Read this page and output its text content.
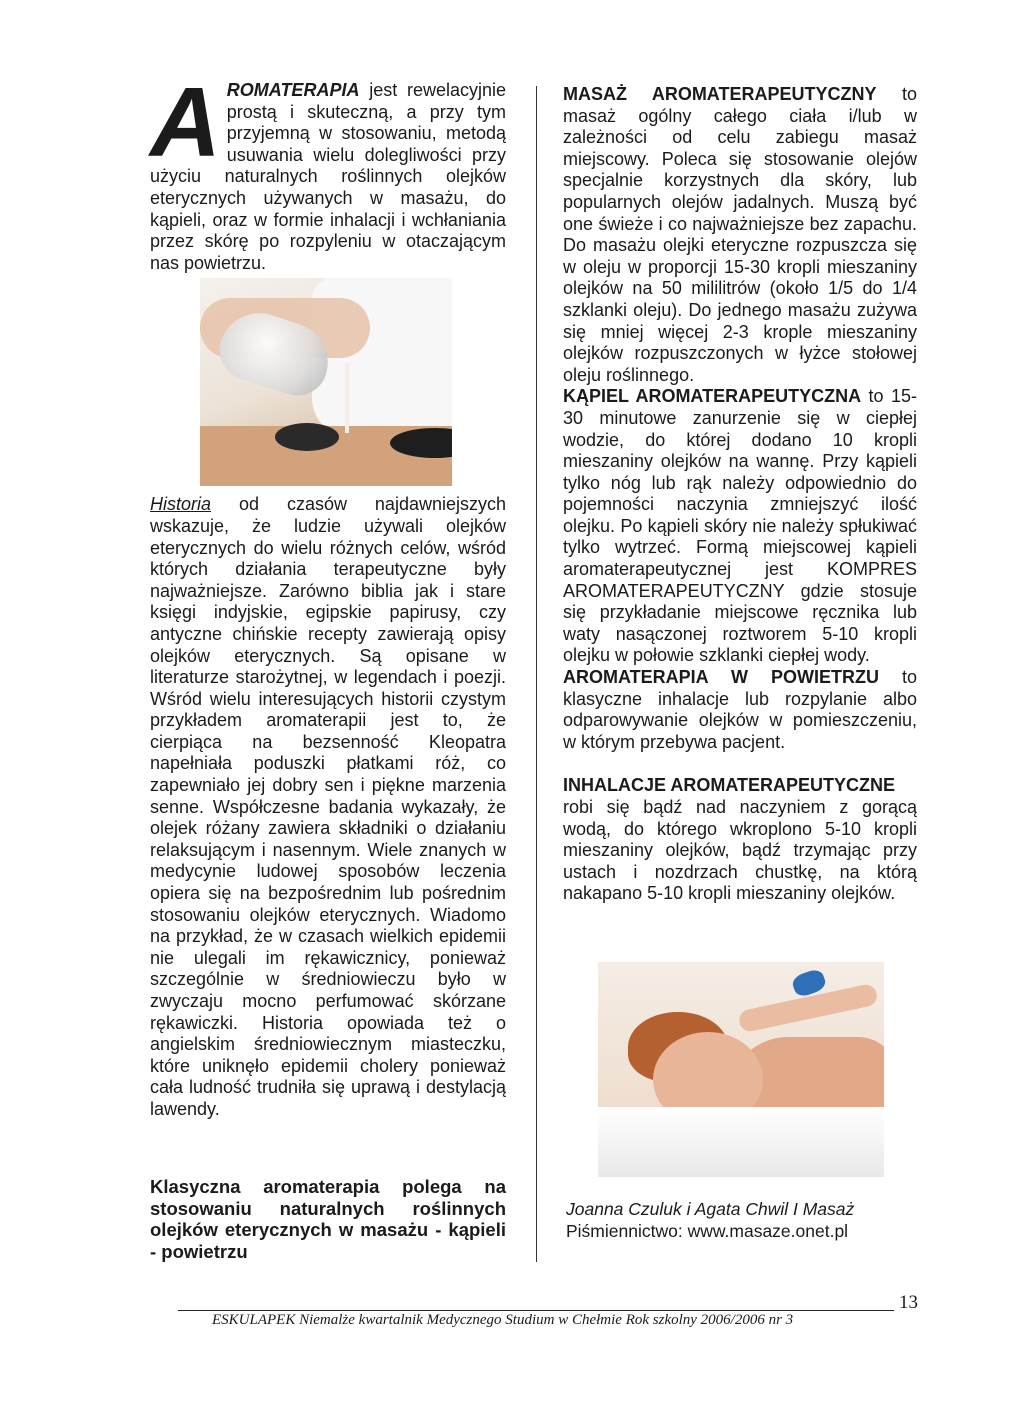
AROMATERAPIA jest rewelacyjnie prostą i skuteczną, a przy tym przyjemną w stosowaniu, metodą usuwania wielu dolegliwości przy użyciu naturalnych roślinnych olejków eterycznych używanych w masażu, do kąpieli, oraz w formie inhalacji i wchłaniania przez skórę po rozpyleniu w otaczającym nas powietrzu.

Historia od czasów najdawniejszych wskazuje, że ludzie używali olejków eterycznych do wielu różnych celów, wśród których działania terapeutyczne były najważniejsze. Zarówno biblia jak i stare księgi indyjskie, egipskie papirusy, czy antyczne chińskie recepty zawierają opisy olejków eterycznych. Są opisane w literaturze starożytnej, w legendach i poezji. Wśród wielu interesujących historii czystym przykładem aromaterapii jest to, że cierpiąca na bezsenność Kleopatra napełniała poduszki płatkami róż, co zapewniało jej dobry sen i piękne marzenia senne. Współczesne badania wykazały, że olejek różany zawiera składniki o działaniu relaksującym i nasennym. Wiele znanych w medycynie ludowej sposobów leczenia opiera się na bezpośrednim lub pośrednim stosowaniu olejków eterycznych. Wiadomo na przykład, że w czasach wielkich epidemii nie ulegali im rękawicznicy, ponieważ szczególnie w średniowieczu było w zwyczaju mocno perfumować skórzane rękawiczki. Historia opowiada też o angielskim średniowiecznym miasteczku, które uniknęło epidemii cholery ponieważ cała ludność trudniła się uprawą i destylacją lawendy.

Klasyczna aromaterapia polega na stosowaniu naturalnych roślinnych olejków eterycznych w masażu - kąpieli - powietrzu

MASAŻ AROMATERAPEUTYCZNY to masaż ogólny całego ciała i/lub w zależności od celu zabiegu masaż miejscowy. Poleca się stosowanie olejów specjalnie korzystnych dla skóry, lub popularnych olejów jadalnych. Muszą być one świeże i co najważniejsze bez zapachu. Do masażu olejki eteryczne rozpuszcza się w oleju w proporcji 15-30 kropli mieszaniny olejków na 50 mililitrów (około 1/5 do 1/4 szklanki oleju). Do jednego masażu zużywa się mniej więcej 2-3 krople mieszaniny olejków rozpuszczonych w łyżce stołowej oleju roślinnego.

KĄPIEL AROMATERAPEUTYCZNA to 15-30 minutowe zanurzenie się w ciepłej wodzie, do której dodano 10 kropli mieszaniny olejków na wannę. Przy kąpieli tylko nóg lub rąk należy odpowiednio do pojemności naczynia zmniejszyć ilość olejku. Po kąpieli skóry nie należy spłukiwać tylko wytrzeć. Formą miejscowej kąpieli aromaterapeutycznej jest KOMPRES AROMATERAPEUTYCZNY gdzie stosuje się przykładanie miejscowe ręcznika lub waty nasączonej roztworem 5-10 kropli olejku w połowie szklanki ciepłej wody.

AROMATERAPIA W POWIETRZU to klasyczne inhalacje lub rozpylanie albo odparowywanie olejków w pomieszczeniu, w którym przebywa pacjent.

INHALACJE AROMATERAPEUTYCZNE

robi się bądź nad naczyniem z gorącą wodą, do którego wkroplono 5-10 kropli mieszaniny olejków, bądź trzymając przy ustach i nozdrzach chustkę, na którą nakapano 5-10 kropli mieszaniny olejków.

Joanna Czuluk i Agata Chwil I Masaż
Piśmiennictwo: www.masaze.onet.pl
13
ESKULAPEK Niemalże kwartalnik Medycznego Studium w Chełmie Rok szkolny 2006/2006 nr 3
